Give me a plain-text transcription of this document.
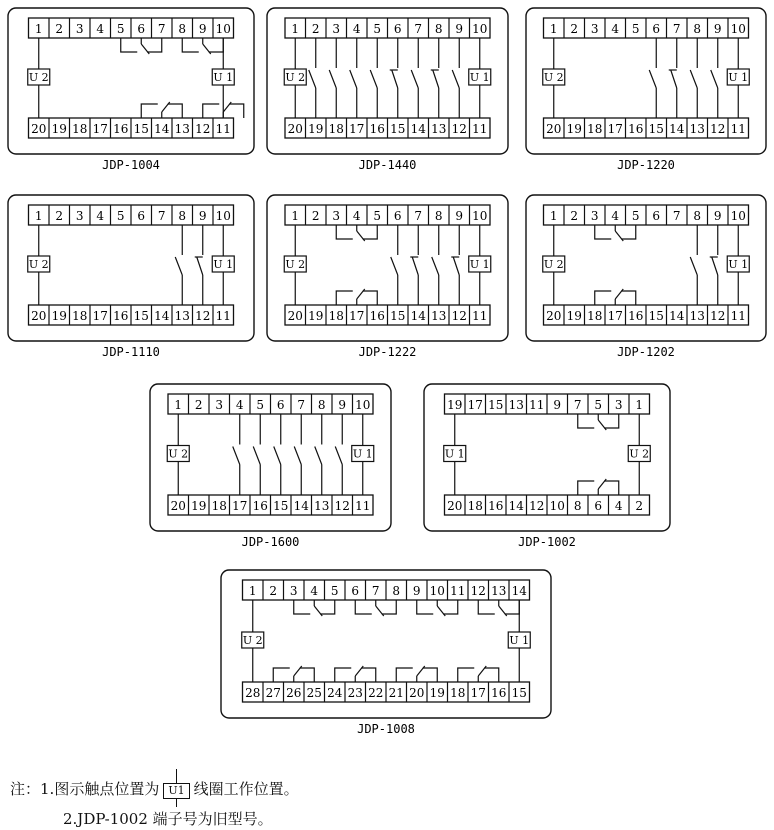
1 2 3 4 5 6 7 8 9 10
20 19 18 17 16 15 14 13 12 11
U 2	U 1
JDP-1004
1 2 3 4 5 6 7 8 9 10
20 19 18 17 16 15 14 13 12 11
U 2	U 1
JDP-1440
1 2 3 4 5 6 7 8 9 10
20 19 18 17 16 15 14 13 12 11
U 2	U 1
JDP-1220
1 2 3 4 5 6 7 8 9 10
20 19 18 17 16 15 14 13 12 11
U 2	U 1
JDP-1110
1 2 3 4 5 6 7 8 9 10
20 19 18 17 16 15 14 13 12 11
U 2	U 1
JDP-1222
1 2 3 4 5 6 7 8 9 10
20 19 18 17 16 15 14 13 12 11
U 2	U 1
JDP-1202
1 2 3 4 5 6 7 8 9 10
20 19 18 17 16 15 14 13 12 11
U 2	U 1
JDP-1600
19 17 15 13 11 9 7 5 3 1
20 18 16 14 12 10 8 6 4 2
U 1	U 2
JDP-1002
1 2 3 4 5 6 7 8 9 10 11 12 13 14
28 27 26 25 24 23 22 21 20 19 18 17 16 15
U 2	U 1
JDP-1008
注：1.图示触点位置为 U1 线圈工作位置。
2.JDP-1002 端子号为旧型号。
